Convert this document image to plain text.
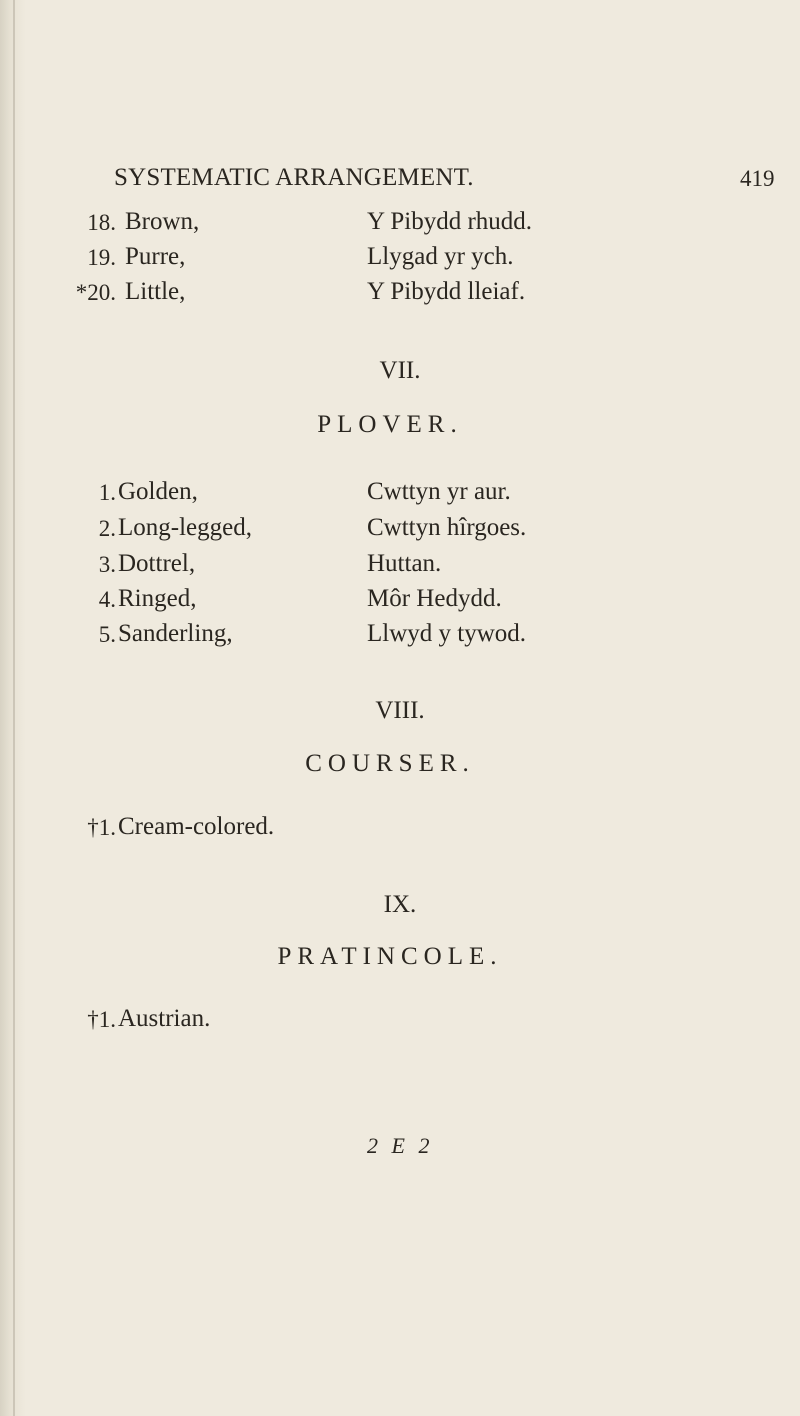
SYSTEMATIC ARRANGEMENT.	419
18. Brown,	Y Pibydd rhudd.
19. Purre,	Llygad yr ych.
*20. Little,	Y Pibydd lleiaf.
VII.
PLOVER.
1. Golden,	Cwttyn yr aur.
2. Long-legged,	Cwttyn hîrgoes.
3. Dottrel,	Huttan.
4. Ringed,	Môr Hedydd.
5. Sanderling,	Llwyd y tywod.
VIII.
COURSER.
†1. Cream-colored.
IX.
PRATINCOLE.
†1. Austrian.
2 E 2
